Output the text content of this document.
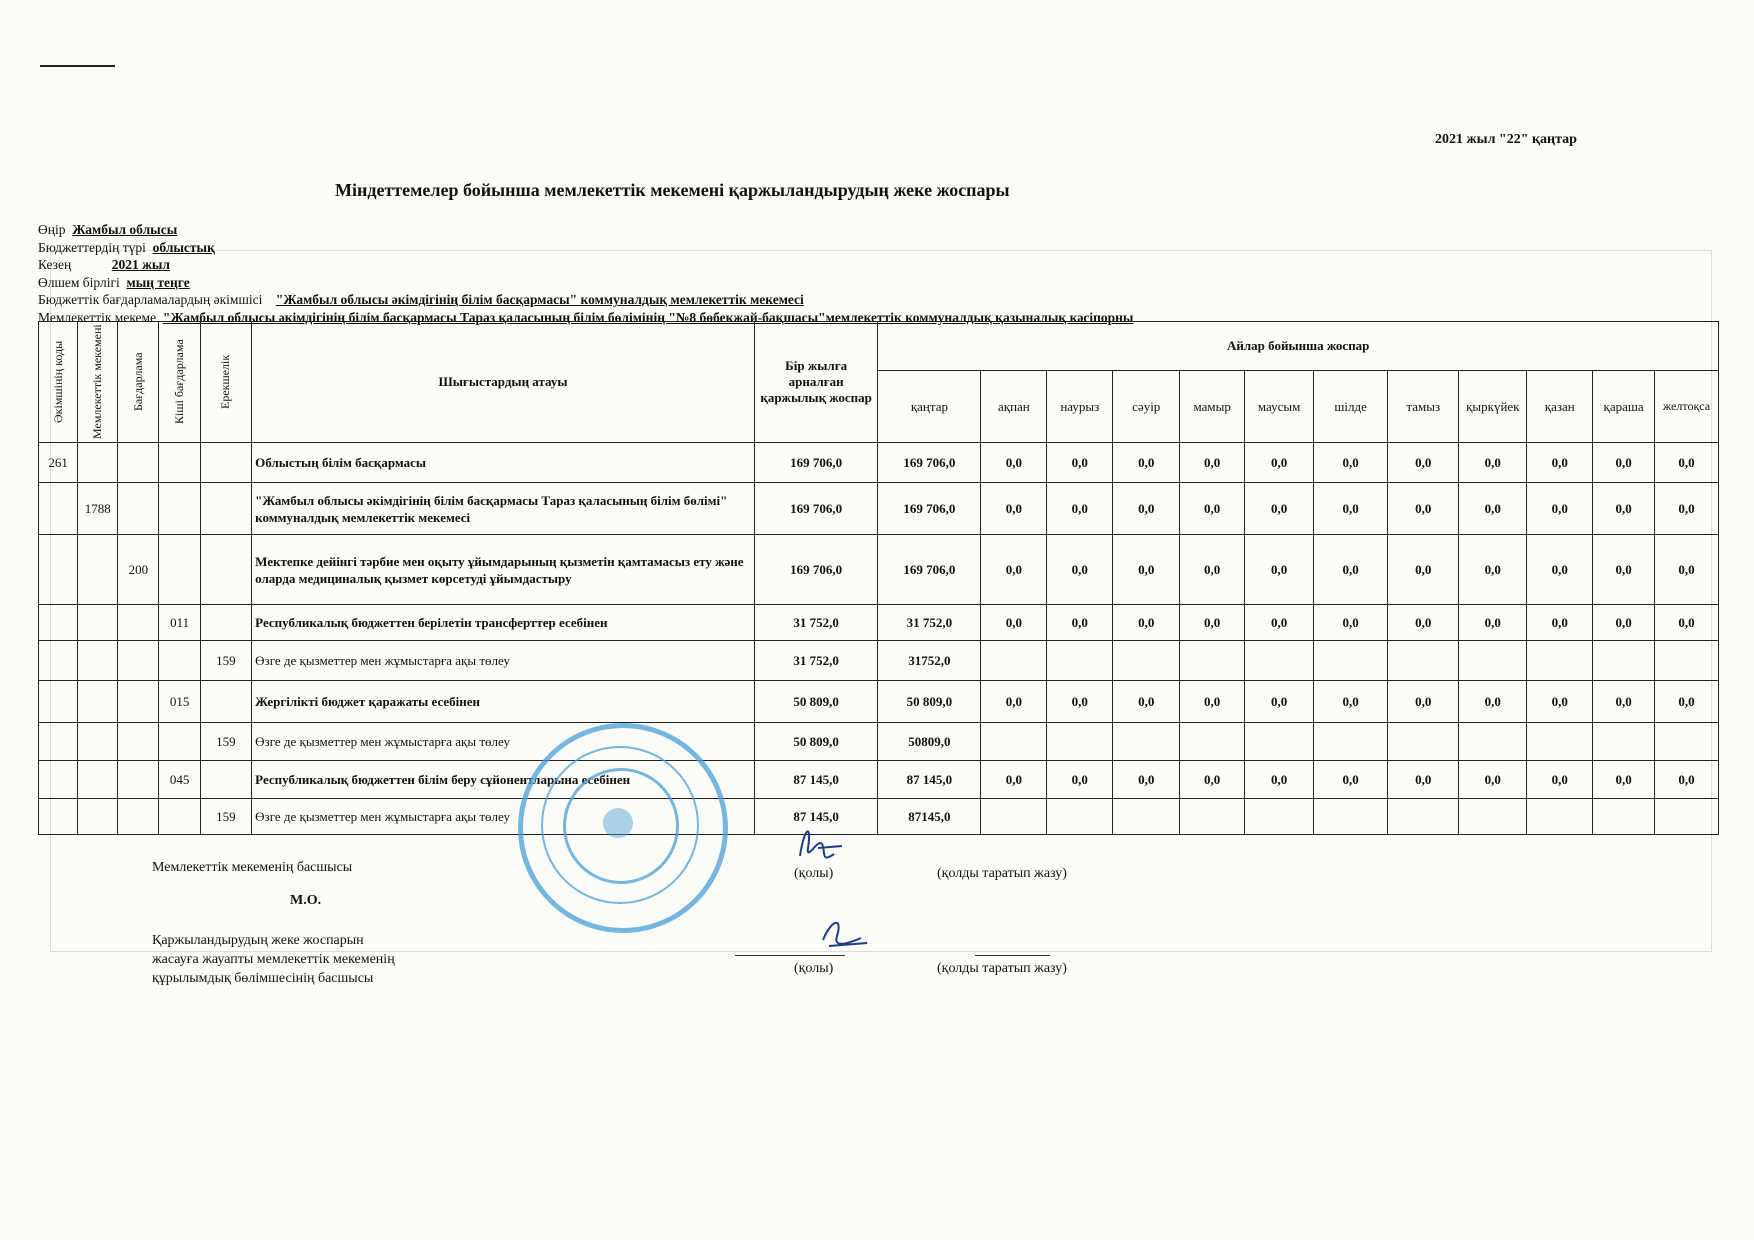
2021 жыл "22" қаңтар
Міндеттемелер бойынша мемлекеттік мекемені қаржыландырудың жеке жоспары
Өңір Жамбыл облысы
Бюджеттердің түрі облыстық
Кезең	2021 жыл
Өлшем бірлігі мың теңге
Бюджеттік бағдарламалардың әкімшісі "Жамбыл облысы әкімдігінің білім басқармасы" коммуналдық мемлекеттік мекемесі
Мемлекеттік мекеме "Жамбыл облысы әкімдігінің білім басқармасы Тараз қаласының білім бөлімінің "№8 бөбекжай-бақшасы"мемлекеттік коммуналдық қазыналық кәсіпорны
Әкімшінің коды	Мемлекеттік мекемені	Бағдарлама	Кіші бағдарлама	Ерекшелік	Шығыстардың атауы	Бір жылға арналған қаржылық жоспар	Айлар бойынша жоспар											
							қаңтар	ақпан	наурыз	сәуір	мамыр	маусым	шілде	тамыз	қыркүйек	қазан	қараша	желтоқса
261					Облыстың білім басқармасы	169 706,0	169 706,0	0,0	0,0	0,0	0,0	0,0	0,0	0,0	0,0	0,0	0,0	0,0
	1788				"Жамбыл облысы әкімдігінің білім басқармасы Тараз қаласының білім бөлімі" коммуналдық мемлекеттік мекемесі	169 706,0	169 706,0	0,0	0,0	0,0	0,0	0,0	0,0	0,0	0,0	0,0	0,0	0,0
		200			Мектепке дейінгі тәрбие мен оқыту ұйымдарының қызметін қамтамасыз ету және оларда медициналық қызмет көрсетуді ұйымдастыру	169 706,0	169 706,0	0,0	0,0	0,0	0,0	0,0	0,0	0,0	0,0	0,0	0,0	0,0
			011		Республикалық бюджеттен берілетін трансферттер есебінен	31 752,0	31 752,0	0,0	0,0	0,0	0,0	0,0	0,0	0,0	0,0	0,0	0,0	0,0
				159	Өзге де қызметтер мен жұмыстарға ақы төлеу	31 752,0	31752,0											
			015		Жергілікті бюджет қаражаты есебінен	50 809,0	50 809,0	0,0	0,0	0,0	0,0	0,0	0,0	0,0	0,0	0,0	0,0	0,0
				159	Өзге де қызметтер мен жұмыстарға ақы төлеу	50 809,0	50809,0											
			045		Республикалық бюджеттен білім беру сұйонентларына есебінен	87 145,0	87 145,0	0,0	0,0	0,0	0,0	0,0	0,0	0,0	0,0	0,0	0,0	0,0
				159	Өзге де қызметтер мен жұмыстарға ақы төлеу	87 145,0	87145,0											
Мемлекеттік мекеменің басшысы
М.О.
(қолы)	(қолды таратып жазу)
Қаржыландырудың жеке жоспарын
жасауға жауапты мемлекеттік мекеменің
құрылымдық бөлімшесінің басшысы
(қолы)	(қолды таратып жазу)
